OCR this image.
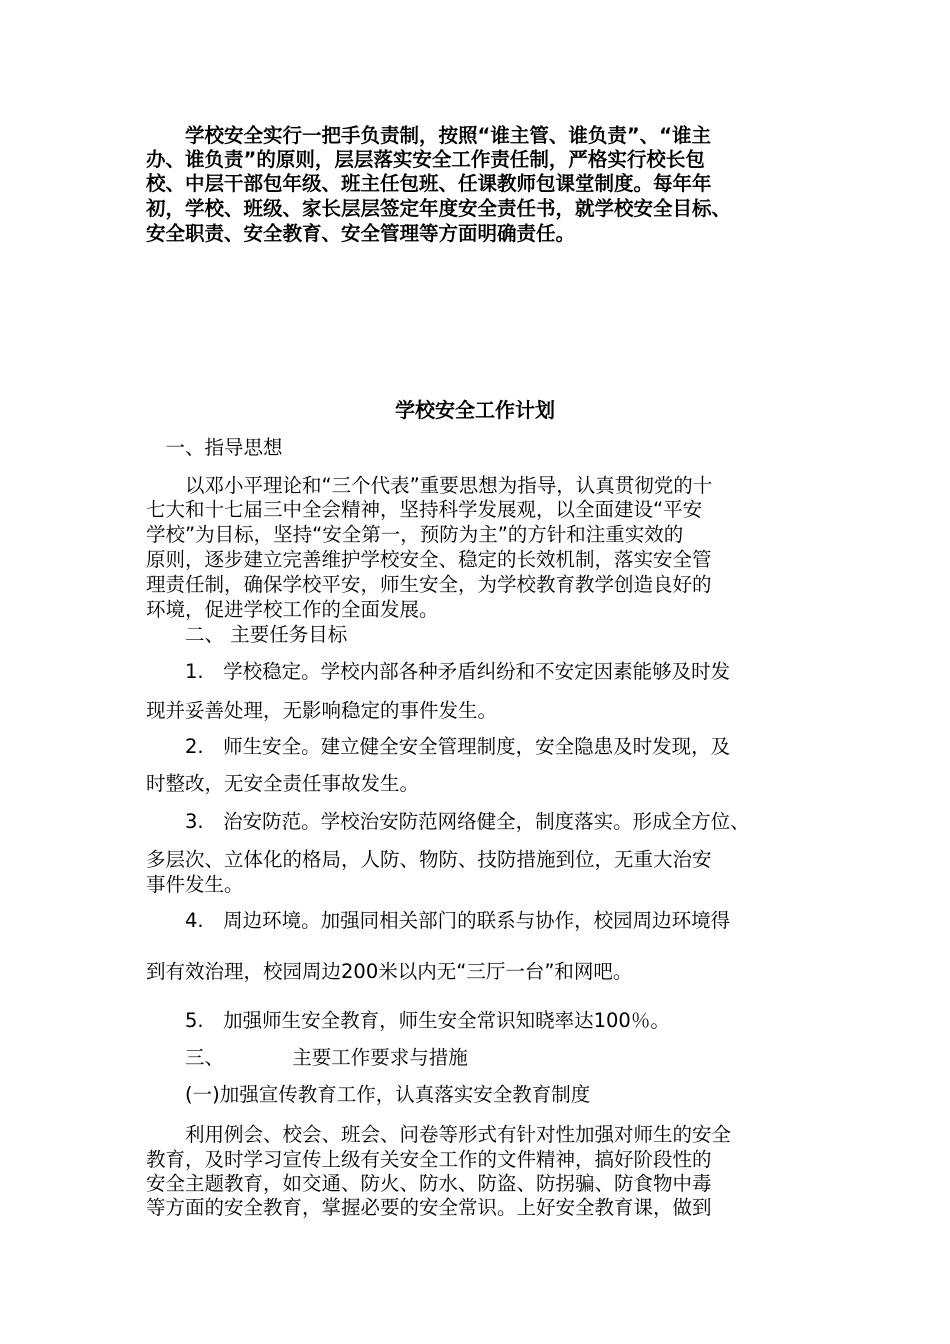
　　学校安全实行一把手负责制，按照“谁主管、谁负责”、“谁主
办、谁负责”的原则，层层落实安全工作责任制，严格实行校长包
校、中层干部包年级、班主任包班、任课教师包课堂制度。每年年
初，学校、班级、家长层层签定年度安全责任书，就学校安全目标、
安全职责、安全教育、安全管理等方面明确责任。
学校安全工作计划
　一、指导思想
　　以邓小平理论和“三个代表”重要思想为指导，认真贯彻党的十
七大和十七届三中全会精神，坚持科学发展观，以全面建设“平安
学校”为目标，坚持“安全第一，预防为主”的方针和注重实效的
原则，逐步建立完善维护学校安全、稳定的长效机制，落实安全管
理责任制，确保学校平安，师生安全，为学校教育教学创造良好的
环境，促进学校工作的全面发展。
　　二、 主要任务目标
　　1.　学校稳定。学校内部各种矛盾纠纷和不安定因素能够及时发
现并妥善处理，无影响稳定的事件发生。
　　2.　师生安全。建立健全安全管理制度，安全隐患及时发现，及
时整改，无安全责任事故发生。
　　3.　治安防范。学校治安防范网络健全，制度落实。形成全方位、
多层次、立体化的格局，人防、物防、技防措施到位，无重大治安
事件发生。
　　4.　周边环境。加强同相关部门的联系与协作，校园周边环境得
到有效治理，校园周边200米以内无“三厅一台”和网吧。
　　5.　加强师生安全教育，师生安全常识知晓率达100％。
　　三、　　　　主要工作要求与措施
　　(一)加强宣传教育工作，认真落实安全教育制度
　　利用例会、校会、班会、问卷等形式有针对性加强对师生的安全
教育，及时学习宣传上级有关安全工作的文件精神，搞好阶段性的
安全主题教育，如交通、防火、防水、防盗、防拐骗、防食物中毒
等方面的安全教育，掌握必要的安全常识。上好安全教育课，做到
